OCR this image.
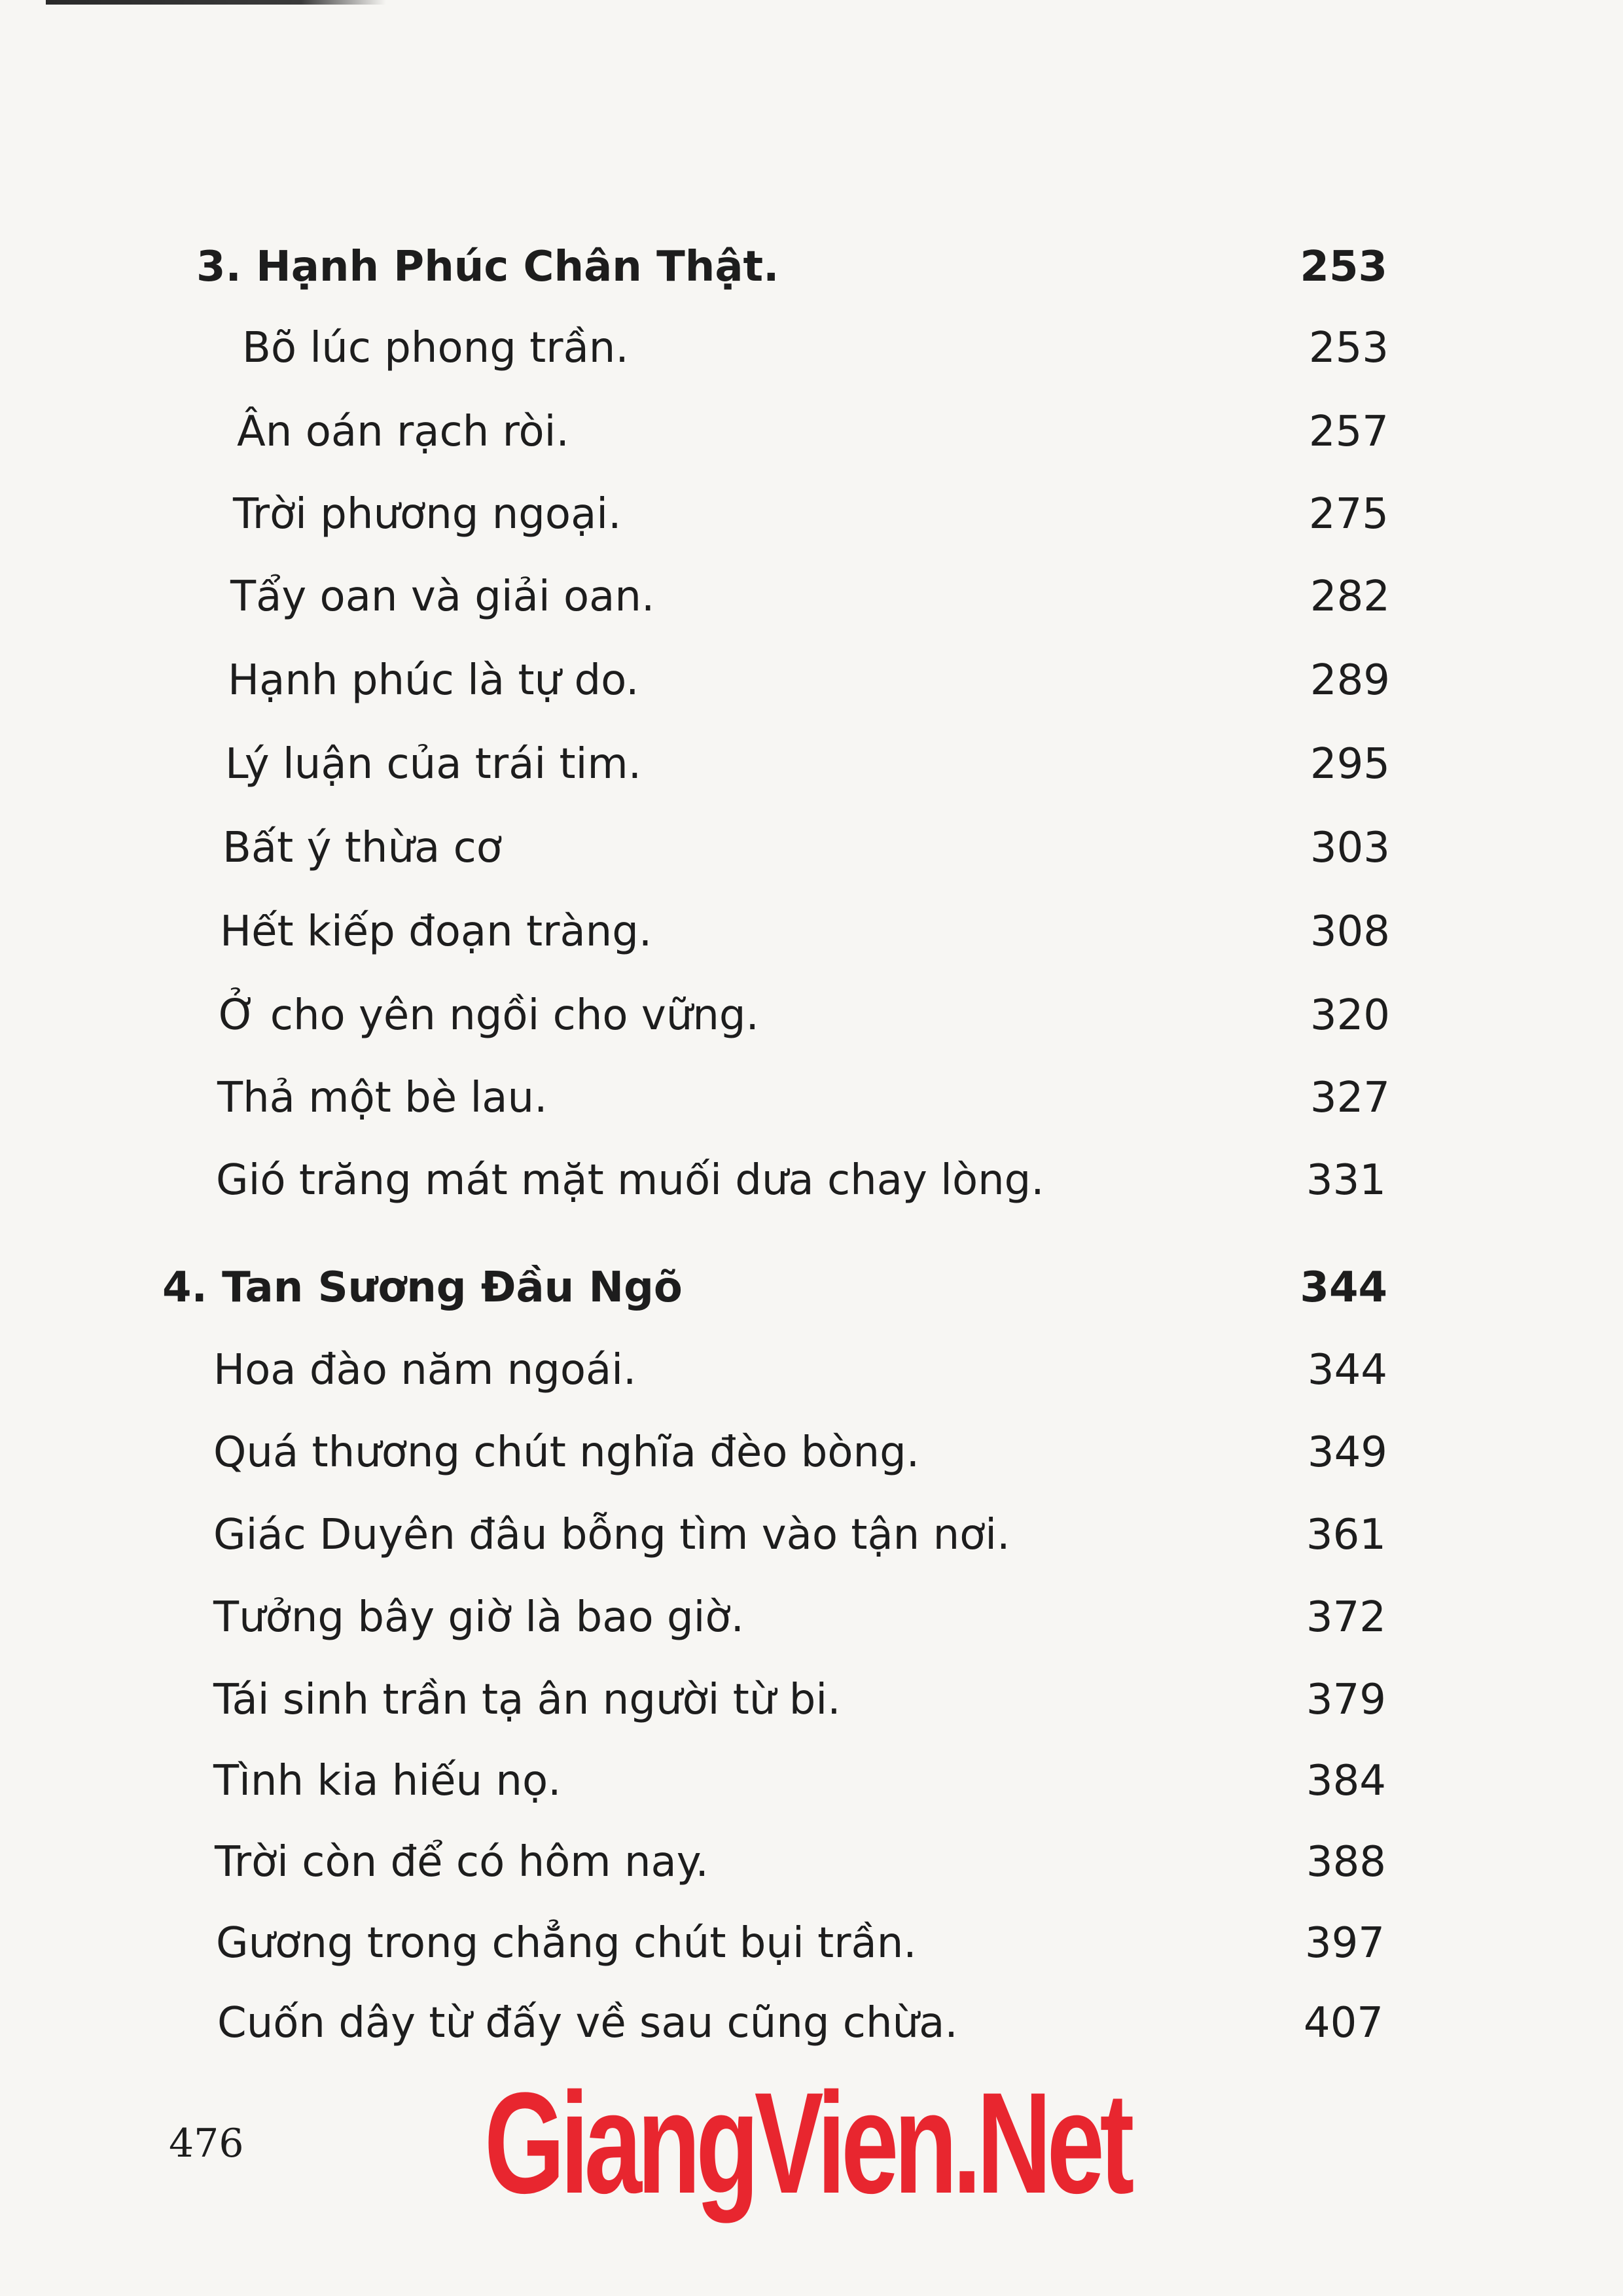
3. Hạnh Phúc Chân Thật.	253
Bõ lúc phong trần.	253
Ân oán rạch ròi.	257
Trời phương ngoại.	275
Tẩy oan và giải oan.	282
Hạnh phúc là tự do.	289
Lý luận của trái tim.	295
Bất ý thừa cơ	303
Hết kiếp đoạn tràng.	308
Ở cho yên ngồi cho vững.	320
Thả một bè lau.	327
Gió trăng mát mặt muối dưa chay lòng.	331
4. Tan Sương Đầu Ngõ	344
Hoa đào năm ngoái.	344
Quá thương chút nghĩa đèo bòng.	349
Giác Duyên đâu bỗng tìm vào tận nơi.	361
Tưởng bây giờ là bao giờ.	372
Tái sinh trần tạ ân người từ bi.	379
Tình kia hiếu nọ.	384
Trời còn để có hôm nay.	388
Gương trong chẳng chút bụi trần.	397
Cuốn dây từ đấy về sau cũng chừa.	407
476 GiangVien.Net
